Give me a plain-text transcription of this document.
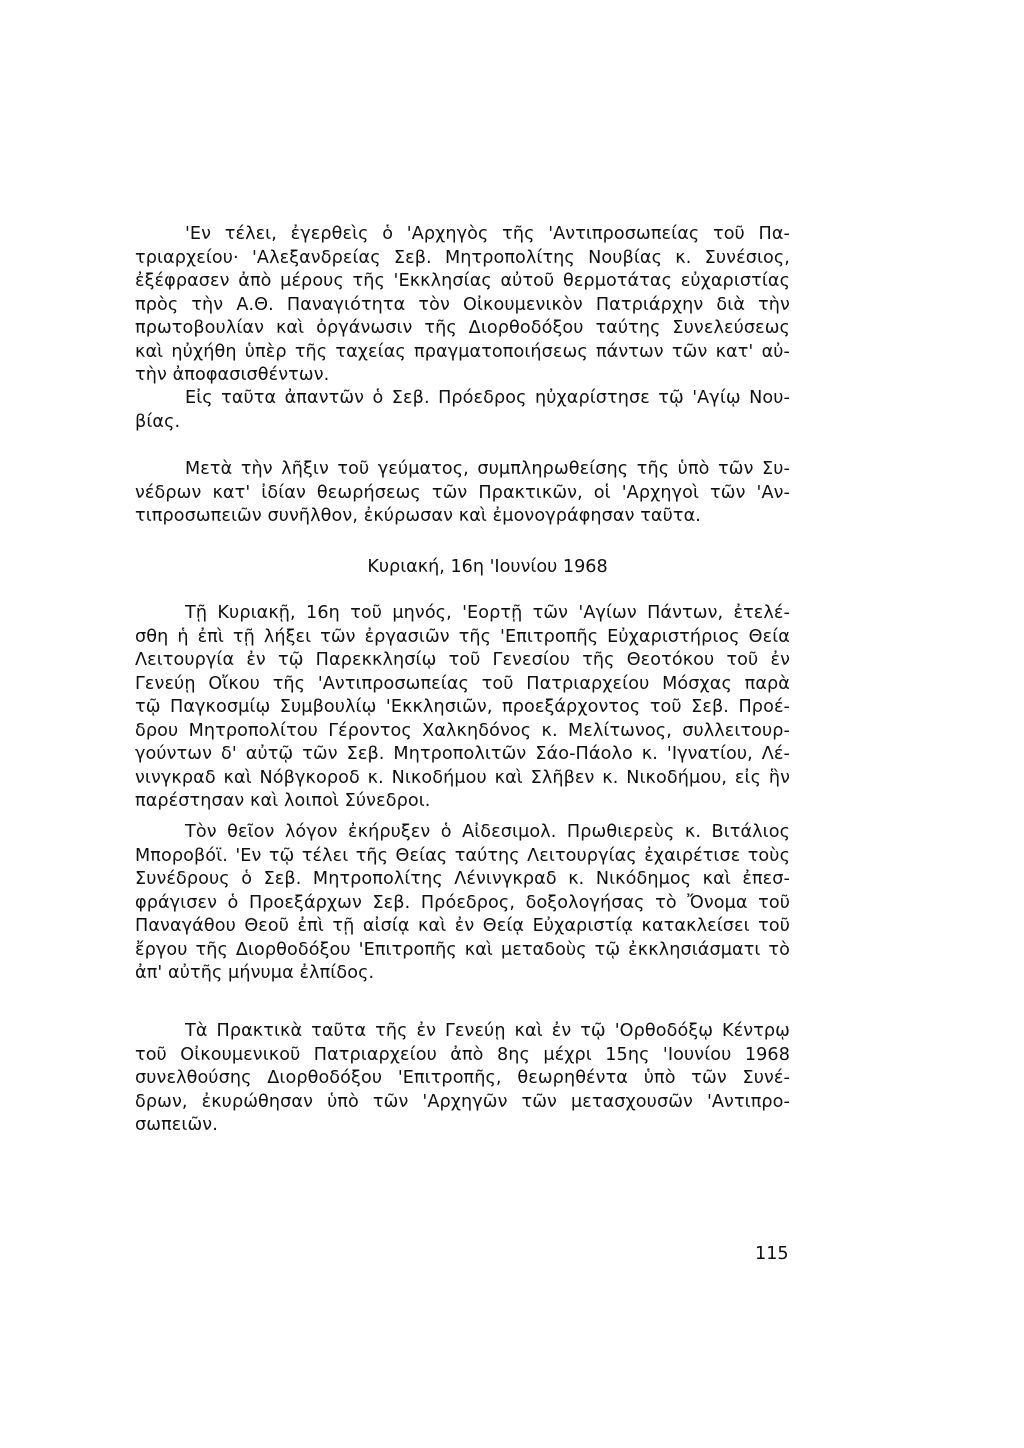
'Εν τέλει, ἐγερθεὶς ὁ 'Αρχηγὸς τῆς 'Αντιπροσωπείας τοῦ Πα-
τριαρχείου· 'Αλεξανδρείας Σεβ. Μητροπολίτης Νουβίας κ. Συνέσιος,
ἐξέφρασεν ἀπὸ μέρους τῆς 'Εκκλησίας αὐτοῦ θερμοτάτας εὐχαριστίας
πρὸς τὴν Α.Θ. Παναγιότητα τὸν Οἰκουμενικὸν Πατριάρχην διὰ τὴν
πρωτοβουλίαν καὶ ὀργάνωσιν τῆς Διορθοδόξου ταύτης Συνελεύσεως
καὶ ηὐχήθη ὑπὲρ τῆς ταχείας πραγματοποιήσεως πάντων τῶν κατ' αὐ-
τὴν ἀποφασισθέντων.
Εἰς ταῦτα ἀπαντῶν ὁ Σεβ. Πρόεδρος ηὐχαρίστησε τῷ 'Αγίῳ Νου-
βίας.
Μετὰ τὴν λῆξιν τοῦ γεύματος, συμπληρωθείσης τῆς ὑπὸ τῶν Συ-
νέδρων κατ' ἰδίαν θεωρήσεως τῶν Πρακτικῶν, οἱ 'Αρχηγοὶ τῶν 'Αν-
τιπροσωπειῶν συνῆλθον, ἐκύρωσαν καὶ ἐμονογράφησαν ταῦτα.
Κυριακή, 16η 'Ιουνίου 1968
Τῇ Κυριακῇ, 16η τοῦ μηνός, 'Εορτῇ τῶν 'Αγίων Πάντων, ἐτελέ-
σθη ἡ ἐπὶ τῇ λήξει τῶν ἐργασιῶν τῆς 'Επιτροπῆς Εὐχαριστήριος Θεία
Λειτουργία ἐν τῷ Παρεκκλησίῳ τοῦ Γενεσίου τῆς Θεοτόκου τοῦ ἐν
Γενεύῃ Οἴκου τῆς 'Αντιπροσωπείας τοῦ Πατριαρχείου Μόσχας παρὰ
τῷ Παγκοσμίῳ Συμβουλίῳ 'Εκκλησιῶν, προεξάρχοντος τοῦ Σεβ. Προέ-
δρου Μητροπολίτου Γέροντος Χαλκηδόνος κ. Μελίτωνος, συλλειτουρ-
γούντων δ' αὐτῷ τῶν Σεβ. Μητροπολιτῶν Σάο-Πάολο κ. 'Ιγνατίου, Λέ-
νινγκραδ καὶ Νόβγκοροδ κ. Νικοδήμου καὶ Σλῆβεν κ. Νικοδήμου, εἰς ἣν
παρέστησαν καὶ λοιποὶ Σύνεδροι.
Τὸν θεῖον λόγον ἐκήρυξεν ὁ Αἰδεσιμολ. Πρωθιερεὺς κ. Βιτάλιος
Μποροβόϊ. 'Εν τῷ τέλει τῆς Θείας ταύτης Λειτουργίας ἐχαιρέτισε τοὺς
Συνέδρους ὁ Σεβ. Μητροπολίτης Λένινγκραδ κ. Νικόδημος καὶ ἐπεσ-
φράγισεν ὁ Προεξάρχων Σεβ. Πρόεδρος, δοξολογήσας τὸ Ὄνομα τοῦ
Παναγάθου Θεοῦ ἐπὶ τῇ αἰσίᾳ καὶ ἐν Θείᾳ Εὐχαριστίᾳ κατακλείσει τοῦ
ἔργου τῆς Διορθοδόξου 'Επιτροπῆς καὶ μεταδοὺς τῷ ἐκκλησιάσματι τὸ
ἀπ' αὐτῆς μήνυμα ἐλπίδος.
Τὰ Πρακτικὰ ταῦτα τῆς ἐν Γενεύῃ καὶ ἐν τῷ 'Ορθοδόξῳ Κέντρῳ
τοῦ Οἰκουμενικοῦ Πατριαρχείου ἀπὸ 8ης μέχρι 15ης 'Ιουνίου 1968
συνελθούσης Διορθοδόξου 'Επιτροπῆς, θεωρηθέντα ὑπὸ τῶν Συνέ-
δρων, ἐκυρώθησαν ὑπὸ τῶν 'Αρχηγῶν τῶν μετασχουσῶν 'Αντιπρο-
σωπειῶν.
115
